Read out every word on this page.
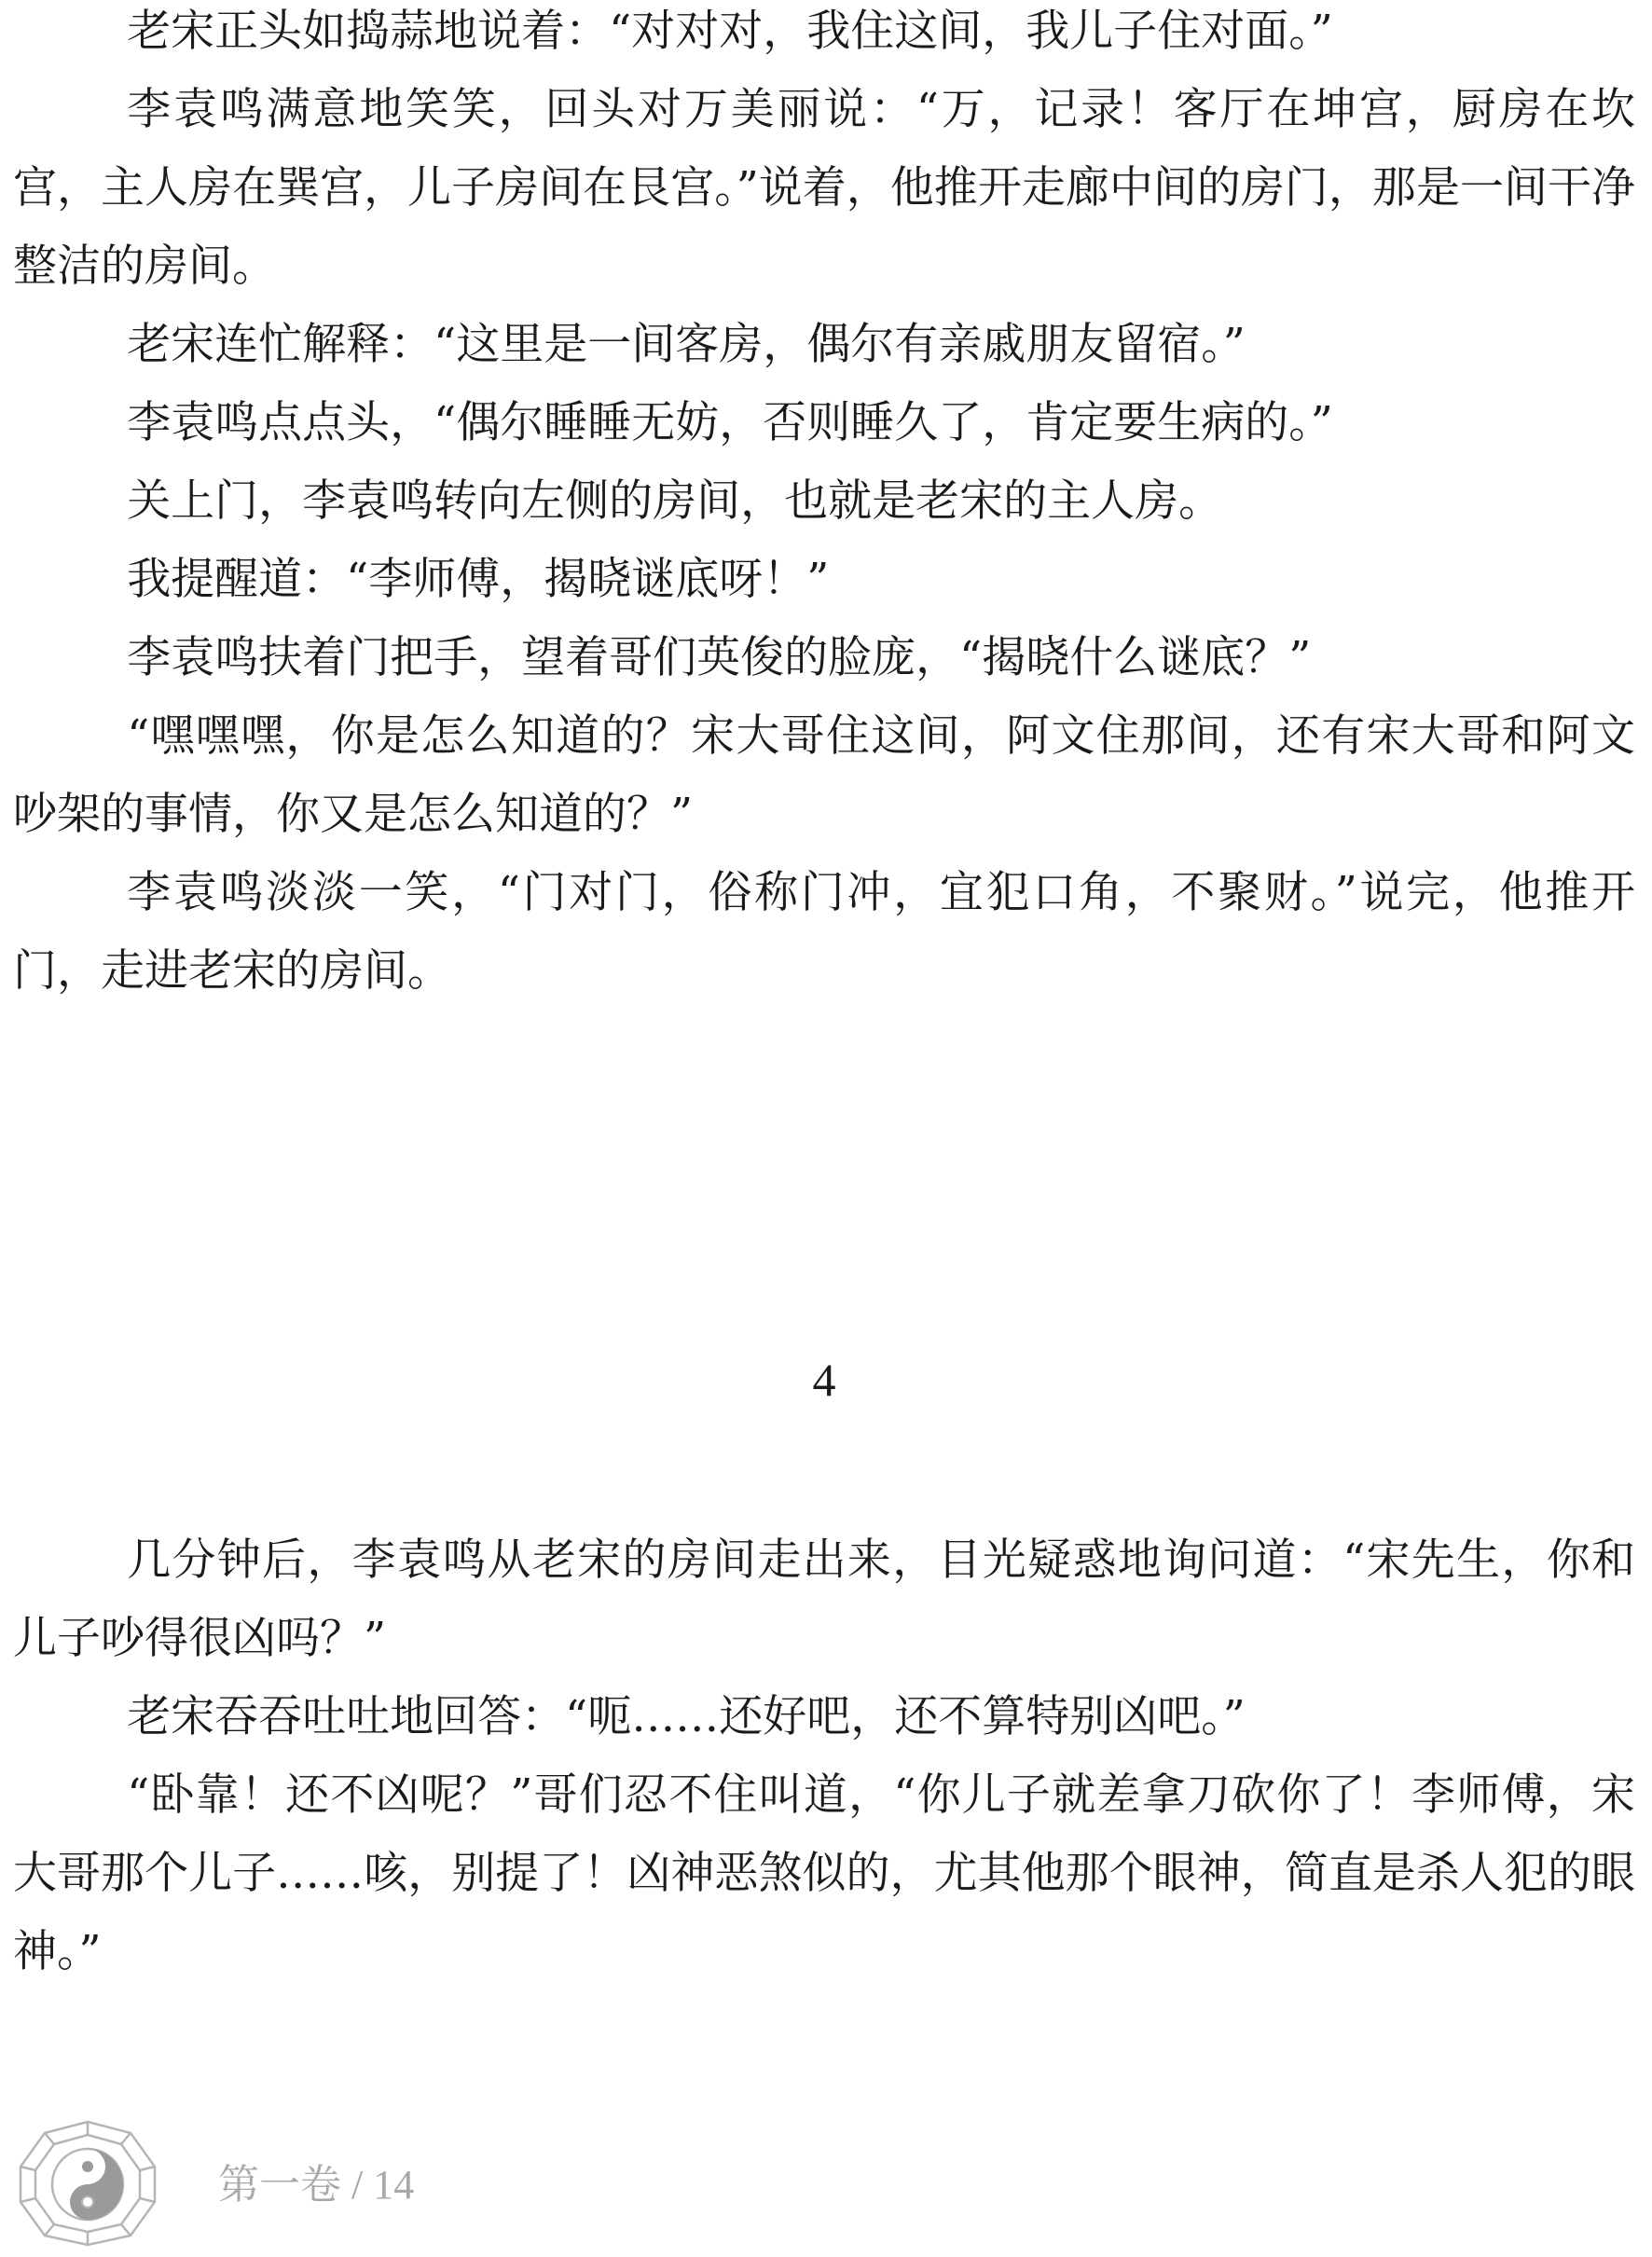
老宋正头如捣蒜地说着：“对对对，我住这间，我儿子住对面。”

李袁鸣满意地笑笑，回头对万美丽说：“万，记录！客厅在坤宫，厨房在坎宫，主人房在巽宫，儿子房间在艮宫。”说着，他推开走廊中间的房门，那是一间干净整洁的房间。

老宋连忙解释：“这里是一间客房，偶尔有亲戚朋友留宿。”

李袁鸣点点头，“偶尔睡睡无妨，否则睡久了，肯定要生病的。”

关上门，李袁鸣转向左侧的房间，也就是老宋的主人房。

我提醒道：“李师傅，揭晓谜底呀！”

李袁鸣扶着门把手，望着哥们英俊的脸庞，“揭晓什么谜底？”

“嘿嘿嘿，你是怎么知道的？宋大哥住这间，阿文住那间，还有宋大哥和阿文吵架的事情，你又是怎么知道的？”

李袁鸣淡淡一笑，“门对门，俗称门冲，宜犯口角，不聚财。”说完，他推开门，走进老宋的房间。

4

几分钟后，李袁鸣从老宋的房间走出来，目光疑惑地询问道：“宋先生，你和儿子吵得很凶吗？”

老宋吞吞吐吐地回答：“呃……还好吧，还不算特别凶吧。”

“卧靠！还不凶呢？”哥们忍不住叫道，“你儿子就差拿刀砍你了！李师傅，宋大哥那个儿子……咳，别提了！凶神恶煞似的，尤其他那个眼神，简直是杀人犯的眼神。”

第一卷 / 14
